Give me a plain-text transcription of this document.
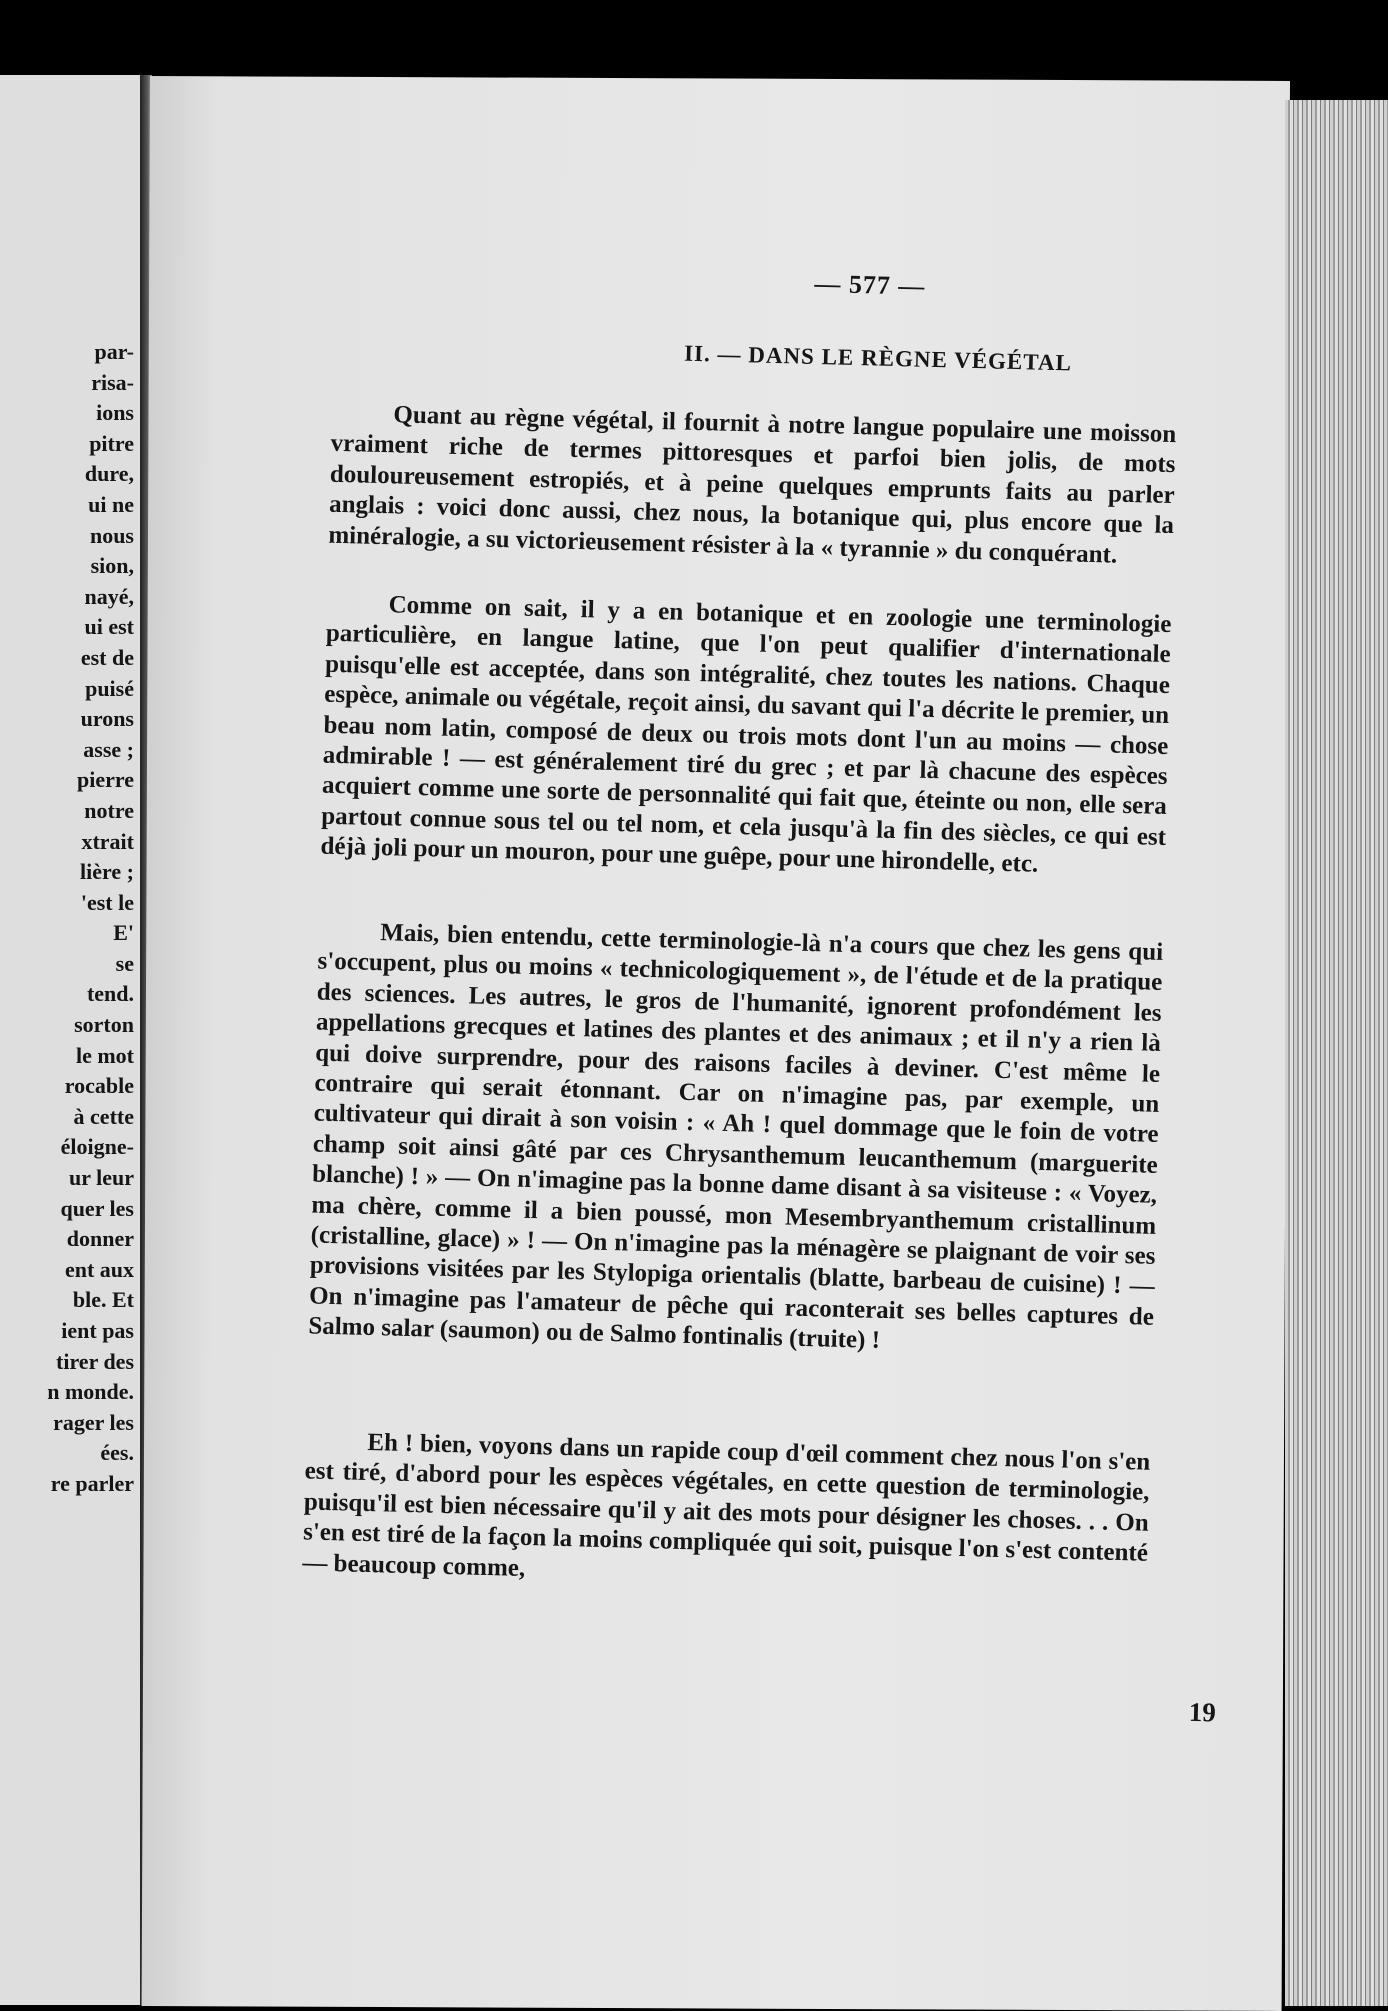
par-
risa-
ions
pitre
dure,
ui ne
nous
sion,
nayé,
ui est
est de
puisé
urons
asse ;
pierre
notre
xtrait
lière ;
'est le
E'
se
tend.
sorton
le mot
rocable
à cette
éloigne-
ur leur
quer les
donner
ent aux
ble. Et
ient pas
tirer des
n monde.
rager les
ées.
re parler
— 577 —
II. — DANS LE RÈGNE VÉGÉTAL

Quant au règne végétal, il fournit à notre langue populaire une moisson vraiment riche de termes pittoresques et parfoi bien jolis, de mots douloureusement estropiés, et à peine quelques emprunts faits au parler anglais : voici donc aussi, chez nous, la botanique qui, plus encore que la minéralogie, a su victorieusement résister à la « tyrannie » du conquérant.

Comme on sait, il y a en botanique et en zoologie une terminologie particulière, en langue latine, que l'on peut qualifier d'internationale puisqu'elle est acceptée, dans son intégralité, chez toutes les nations. Chaque espèce, animale ou végétale, reçoit ainsi, du savant qui l'a décrite le premier, un beau nom latin, composé de deux ou trois mots dont l'un au moins — chose admirable ! — est généralement tiré du grec ; et par là chacune des espèces acquiert comme une sorte de personnalité qui fait que, éteinte ou non, elle sera partout connue sous tel ou tel nom, et cela jusqu'à la fin des siècles, ce qui est déjà joli pour un mouron, pour une guêpe, pour une hirondelle, etc.

Mais, bien entendu, cette terminologie-là n'a cours que chez les gens qui s'occupent, plus ou moins « technicologiquement », de l'étude et de la pratique des sciences. Les autres, le gros de l'humanité, ignorent profondément les appellations grecques et latines des plantes et des animaux ; et il n'y a rien là qui doive surprendre, pour des raisons faciles à deviner. C'est même le contraire qui serait étonnant. Car on n'imagine pas, par exemple, un cultivateur qui dirait à son voisin : « Ah ! quel dommage que le foin de votre champ soit ainsi gâté par ces Chrysanthemum leucanthemum (marguerite blanche) ! » — On n'imagine pas la bonne dame disant à sa visiteuse : « Voyez, ma chère, comme il a bien poussé, mon Mesembryanthemum cristallinum (cristalline, glace) » ! — On n'imagine pas la ménagère se plaignant de voir ses provisions visitées par les Stylopiga orientalis (blatte, barbeau de cuisine) ! — On n'imagine pas l'amateur de pêche qui raconterait ses belles captures de Salmo salar (saumon) ou de Salmo fontinalis (truite) !

Eh ! bien, voyons dans un rapide coup d'œil comment chez nous l'on s'en est tiré, d'abord pour les espèces végétales, en cette question de terminologie, puisqu'il est bien nécessaire qu'il y ait des mots pour désigner les choses. . . On s'en est tiré de la façon la moins compliquée qui soit, puisque l'on s'est contenté — beaucoup comme,

19
